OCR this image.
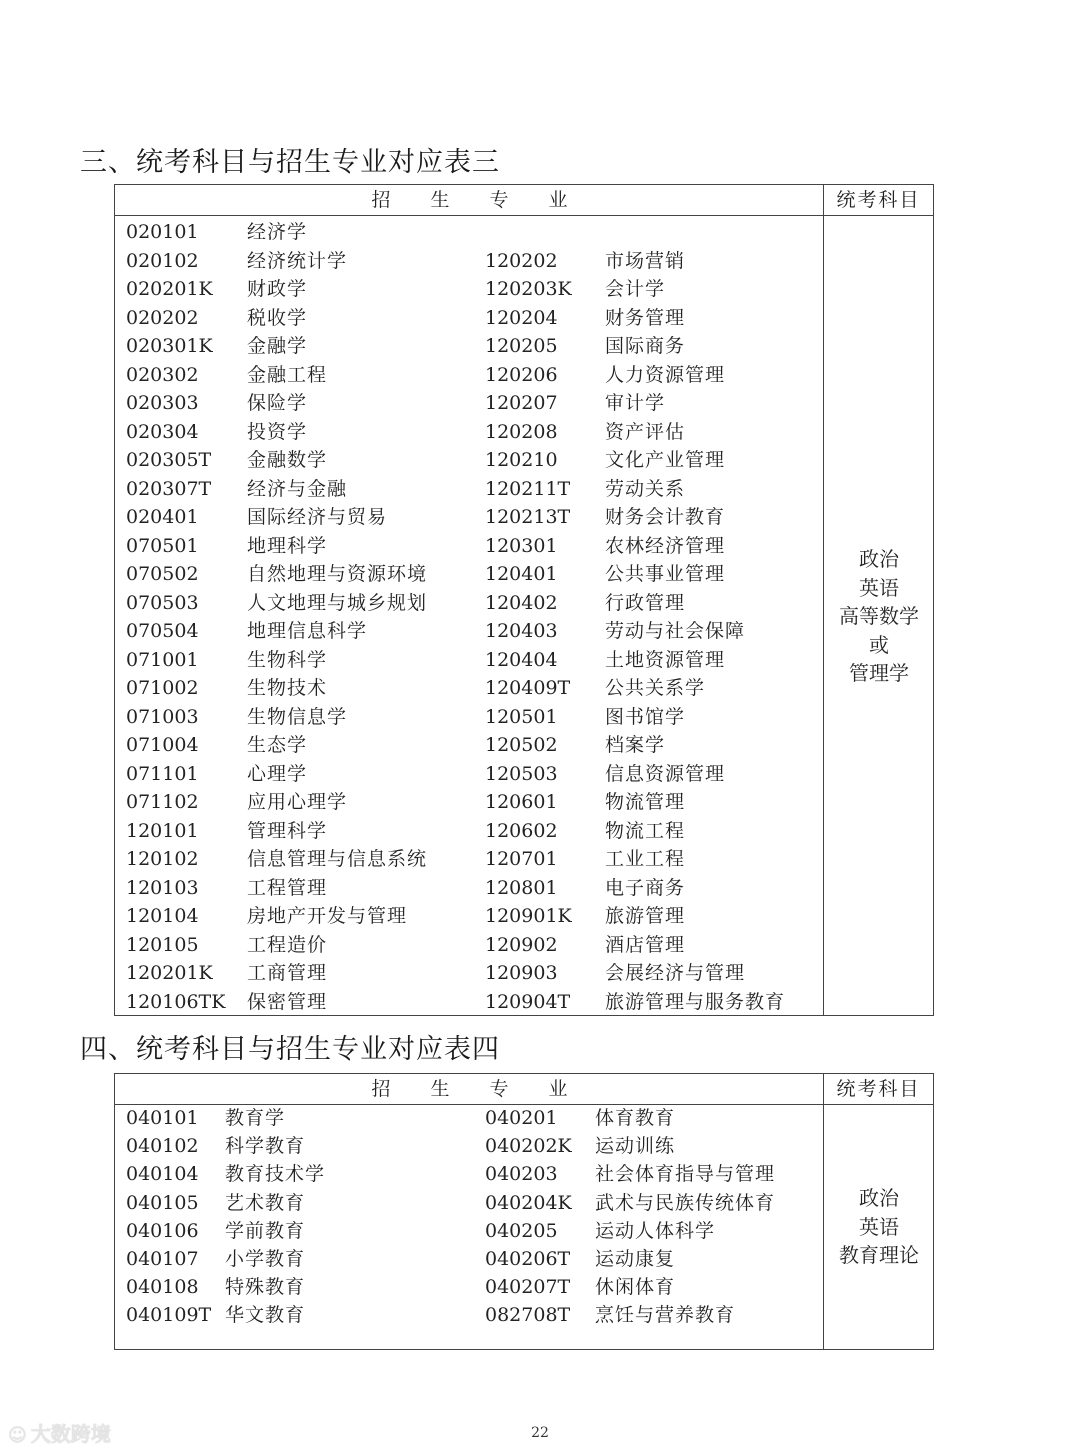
三、统考科目与招生专业对应表三
招生专业	统考科目
020101	经济学
020102	经济统计学	120202 市场营销
020201K 财政学	120203K 会计学
020202	税收学	120204 财务管理
020301K 金融学	120205 国际商务
020302	金融工程	120206 人力资源管理
020303	保险学	120207 审计学
020304	投资学	120208 资产评估
020305T 金融数学	120210 文化产业管理
020307T 经济与金融	120211T 劳动关系
020401	国际经济与贸易	120213T 财务会计教育
070501	地理科学	120301 农林经济管理
070502	自然地理与资源环境	120401 公共事业管理
070503	人文地理与城乡规划	120402 行政管理
070504	地理信息科学	120403 劳动与社会保障
071001	生物科学	120404 土地资源管理
071002	生物技术	120409T 公共关系学
071003	生物信息学	120501 图书馆学
071004	生态学	120502 档案学
071101	心理学	120503 信息资源管理
071102	应用心理学	120601 物流管理
120101	管理科学	120602 物流工程
120102	信息管理与信息系统	120701 工业工程
120103	工程管理	120801 电子商务
120104	房地产开发与管理	120901K 旅游管理
120105	工程造价	120902 酒店管理
120201K 工商管理	120903 会展经济与管理
120106TK 保密管理	120904T 旅游管理与服务教育
政治
英语
高等数学
或
管理学
四、统考科目与招生专业对应表四
招生专业	统考科目
040101 教育学	040201 体育教育
040102 科学教育	040202K 运动训练
040104 教育技术学	040203 社会体育指导与管理
040105 艺术教育	040204K 武术与民族传统体育
040106 学前教育	040205 运动人体科学
040107 小学教育	040206T 运动康复
040108 特殊教育	040207T 休闲体育
040109T 华文教育	082708T 烹饪与营养教育
政治
英语
教育理论
22
☺ 大数跨境
